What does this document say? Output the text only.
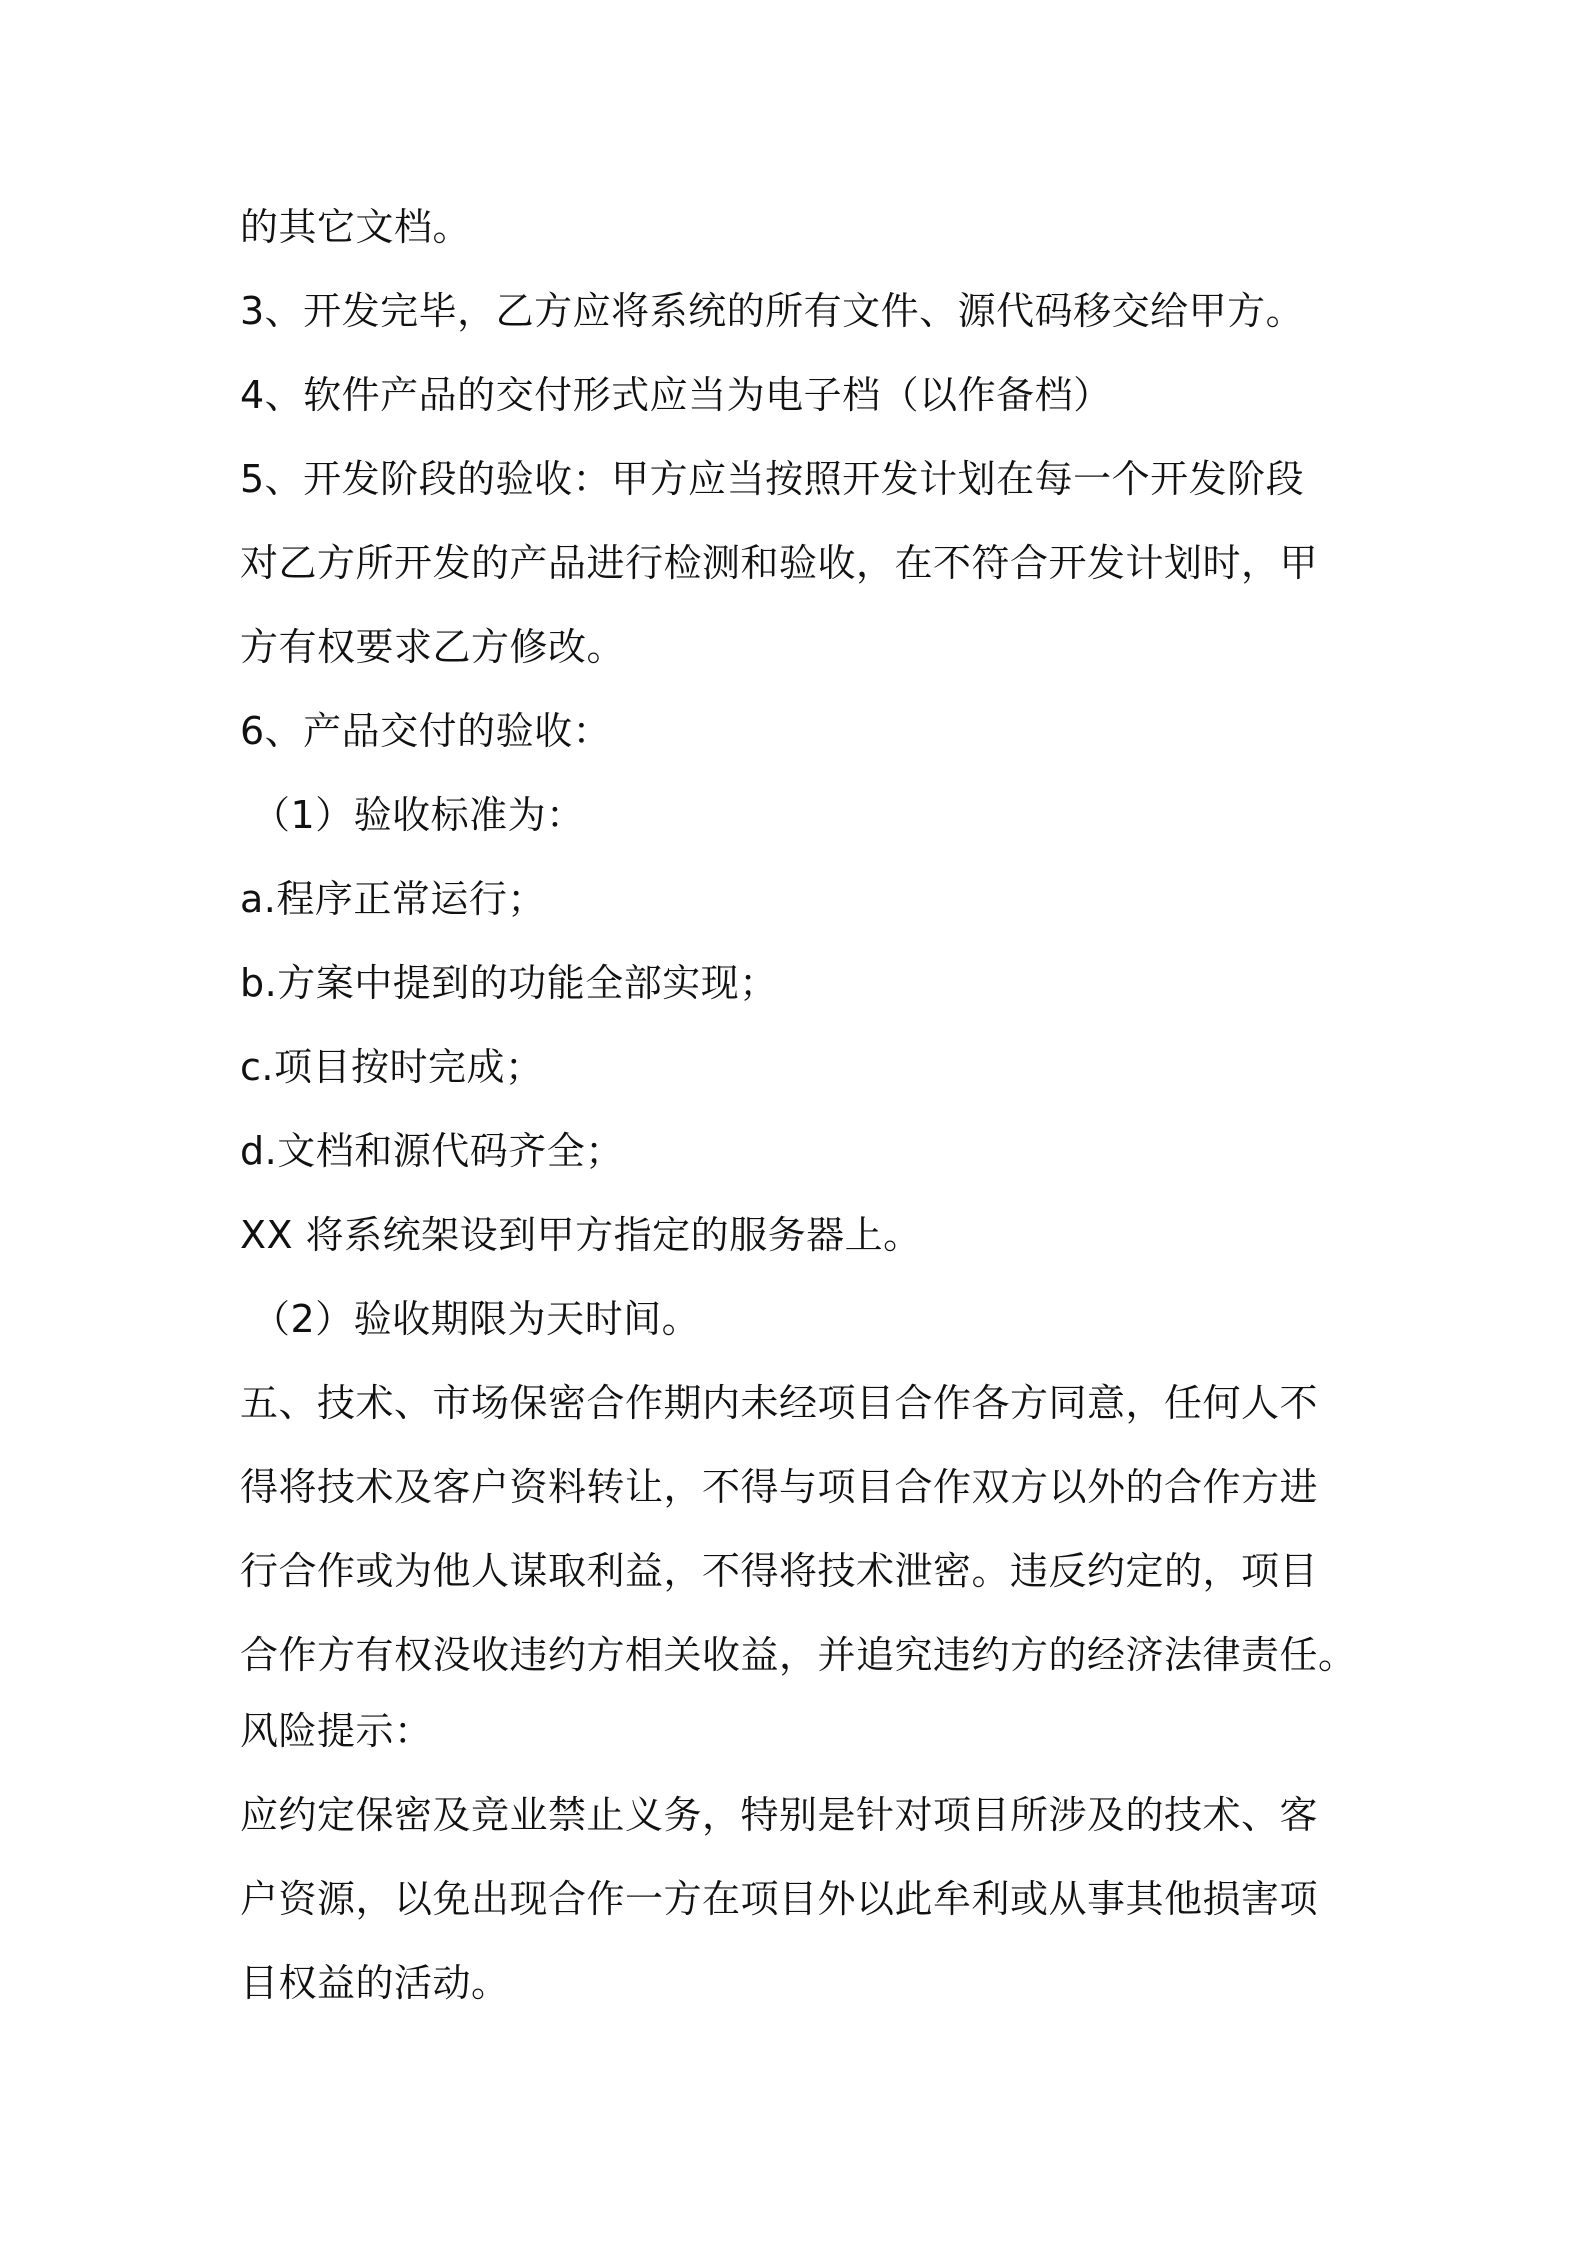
的其它文档。

3、开发完毕，乙方应将系统的所有文件、源代码移交给甲方。

4、软件产品的交付形式应当为电子档（以作备档）

5、开发阶段的验收：甲方应当按照开发计划在每一个开发阶段

对乙方所开发的产品进行检测和验收，在不符合开发计划时，甲

方有权要求乙方修改。

6、产品交付的验收：

（1）验收标准为：

a.程序正常运行；

b.方案中提到的功能全部实现；

c.项目按时完成；

d.文档和源代码齐全；

XX 将系统架设到甲方指定的服务器上。

（2）验收期限为天时间。

五、技术、市场保密合作期内未经项目合作各方同意，任何人不

得将技术及客户资料转让，不得与项目合作双方以外的合作方进

行合作或为他人谋取利益，不得将技术泄密。违反约定的，项目

合作方有权没收违约方相关收益，并追究违约方的经济法律责任。

风险提示：

应约定保密及竞业禁止义务，特别是针对项目所涉及的技术、客

户资源，以免出现合作一方在项目外以此牟利或从事其他损害项

目权益的活动。
